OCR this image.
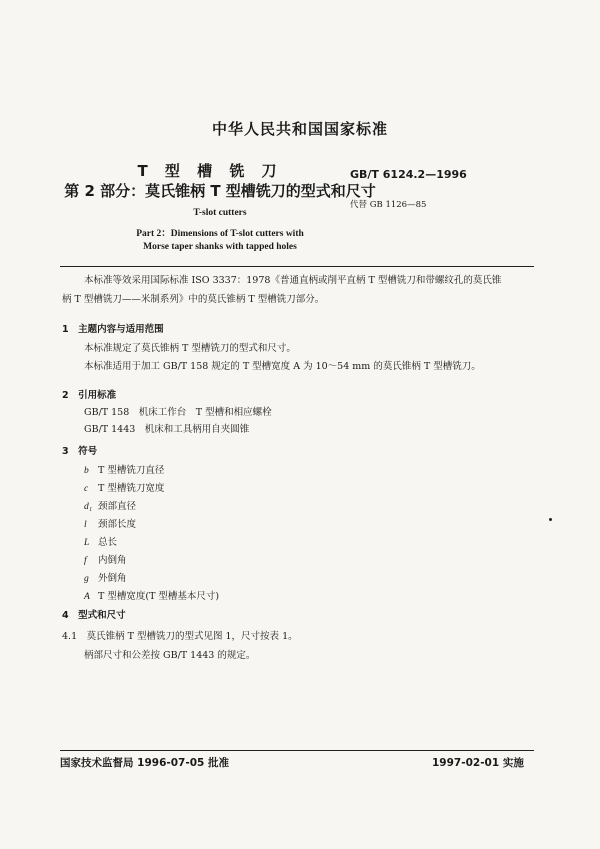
中华人民共和国国家标准
T 型 槽 铣 刀
第 2 部分：莫氏锥柄 T 型槽铣刀的型式和尺寸
GB/T 6124.2—1996
代替 GB 1126—85
T-slot cutters
Part 2：Dimensions of T-slot cutters with
Morse taper shanks with tapped holes
本标准等效采用国际标准 ISO 3337：1978《普通直柄或削平直柄 T 型槽铣刀和带螺纹孔的莫氏锥
柄 T 型槽铣刀——米制系列》中的莫氏锥柄 T 型槽铣刀部分。
1　主题内容与适用范围
本标准规定了莫氏锥柄 T 型槽铣刀的型式和尺寸。
本标准适用于加工 GB/T 158 规定的 T 型槽宽度 A 为 10～54 mm 的莫氏锥柄 T 型槽铣刀。
2　引用标准
GB/T 158　机床工作台　T 型槽和相应螺栓
GB/T 1443　机床和工具柄用自夹圆锥
3　符号
b T 型槽铣刀直径
c T 型槽铣刀宽度
d₁ 颈部直径
l 颈部长度
L 总长
f 内倒角
g 外倒角
A T 型槽宽度(T 型槽基本尺寸)
4　型式和尺寸
4.1　莫氏锥柄 T 型槽铣刀的型式见图 1，尺寸按表 1。
柄部尺寸和公差按 GB/T 1443 的规定。
国家技术监督局 1996-07-05 批准	1997-02-01 实施
